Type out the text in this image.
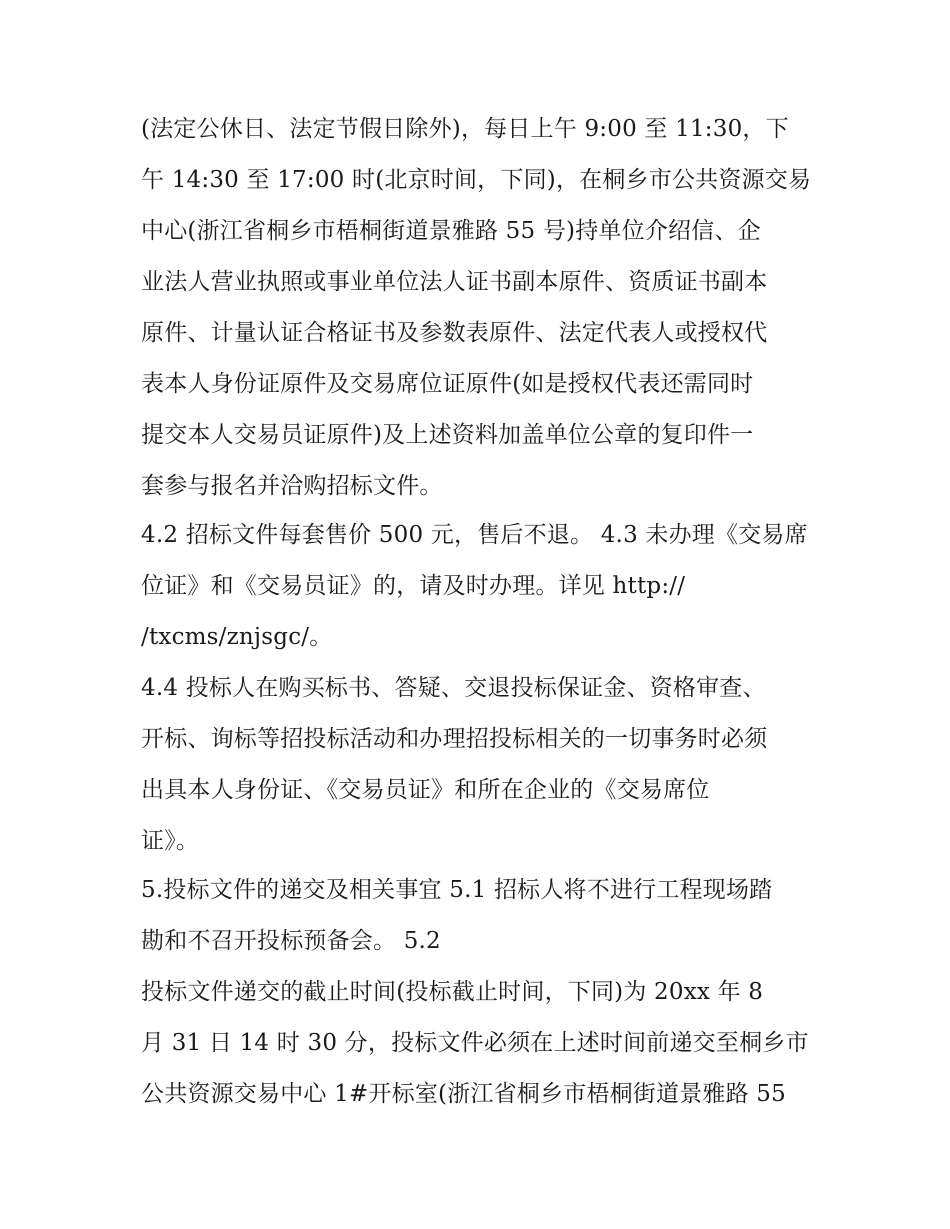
(法定公休日、法定节假日除外)，每日上午 9:00 至 11:30，下
午 14:30 至 17:00 时(北京时间，下同)，在桐乡市公共资源交易
中心(浙江省桐乡市梧桐街道景雅路 55 号)持单位介绍信、企
业法人营业执照或事业单位法人证书副本原件、资质证书副本
原件、计量认证合格证书及参数表原件、法定代表人或授权代
表本人身份证原件及交易席位证原件(如是授权代表还需同时
提交本人交易员证原件)及上述资料加盖单位公章的复印件一
套参与报名并洽购招标文件。
4.2 招标文件每套售价 500 元，售后不退。 4.3 未办理《交易席
位证》和《交易员证》的，请及时办理。详见 http://
/txcms/znjsgc/。
4.4 投标人在购买标书、答疑、交退投标保证金、资格审查、
开标、询标等招投标活动和办理招投标相关的一切事务时必须
出具本人身份证、《交易员证》和所在企业的《交易席位
证》。
5.投标文件的递交及相关事宜 5.1 招标人将不进行工程现场踏
勘和不召开投标预备会。 5.2
投标文件递交的截止时间(投标截止时间，下同)为 20xx 年 8
月 31 日 14 时 30 分，投标文件必须在上述时间前递交至桐乡市
公共资源交易中心 1#开标室(浙江省桐乡市梧桐街道景雅路 55
